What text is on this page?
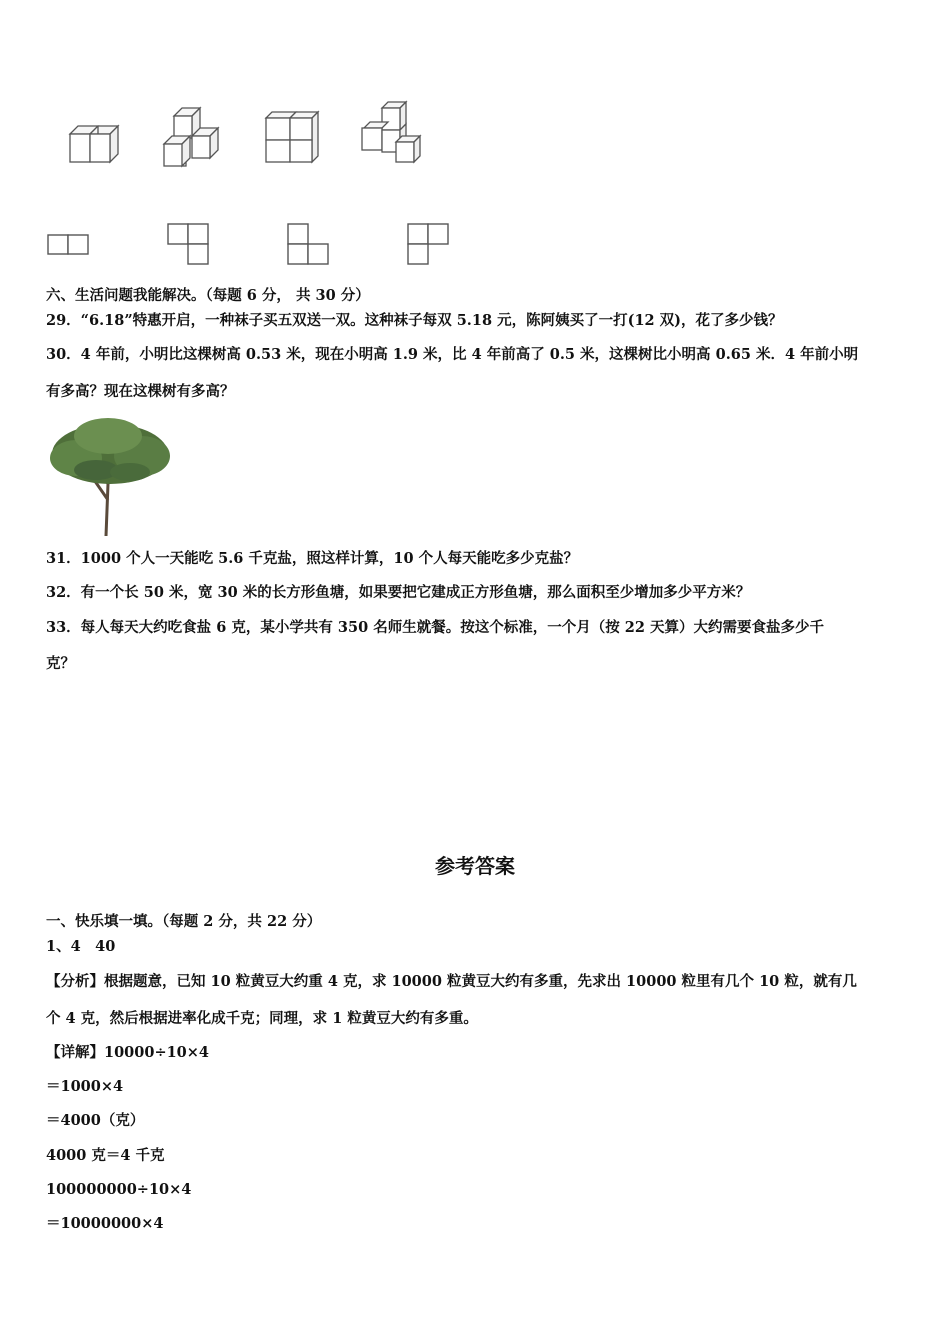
六、生活问题我能解决。（每题 6 分， 共 30 分）
29．“6.18”特惠开启，一种袜子买五双送一双。这种袜子每双 5.18 元，陈阿姨买了一打(12 双)，花了多少钱？
30．4 年前，小明比这棵树高 0.53 米，现在小明高 1.9 米，比 4 年前高了 0.5 米，这棵树比小明高 0.65 米．4 年前小明
有多高？现在这棵树有多高？
31．1000 个人一天能吃 5.6 千克盐，照这样计算，10 个人每天能吃多少克盐？
32．有一个长 50 米，宽 30 米的长方形鱼塘，如果要把它建成正方形鱼塘，那么面积至少增加多少平方米？
33．每人每天大约吃食盐 6 克，某小学共有 350 名师生就餐。按这个标准，一个月（按 22 天算）大约需要食盐多少千
克？
参考答案
一、快乐填一填。（每题 2 分，共 22 分）
1、4　40
【分析】根据题意，已知 10 粒黄豆大约重 4 克，求 10000 粒黄豆大约有多重，先求出 10000 粒里有几个 10 粒，就有几
个 4 克，然后根据进率化成千克；同理，求 1 粒黄豆大约有多重。
【详解】10000÷10×4
＝1000×4
＝4000（克）
4000 克＝4 千克
100000000÷10×4
＝10000000×4
